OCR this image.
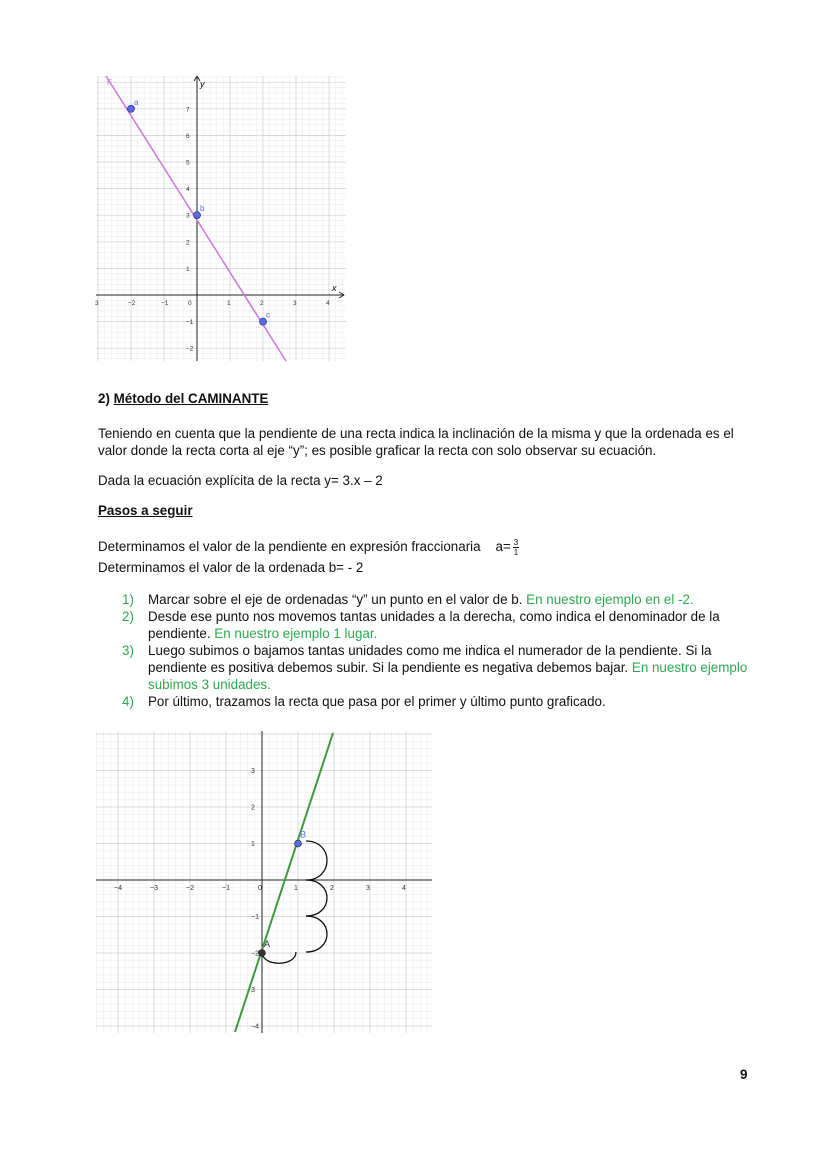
x
y
3	−2	−1	0	1	2	3	4
7
6
5
4
3
2
1
−1
−2
F
a
b
c

2) Método del CAMINANTE

Teniendo en cuenta que la pendiente de una recta indica la inclinación de la misma y que la ordenada es el valor donde la recta corta al eje “y”; es posible graficar la recta con solo observar su ecuación.

Dada la ecuación explícita de la recta y= 3.x – 2

Pasos a seguir

Determinamos el valor de la pendiente en expresión fraccionaria $a= \frac{3}{1}$

Determinamos el valor de la ordenada b= - 2

1) Marcar sobre el eje de ordenadas “y” un punto en el valor de b. En nuestro ejemplo en el -2.
2) Desde ese punto nos movemos tantas unidades a la derecha, como indica el denominador de la pendiente. En nuestro ejemplo 1 lugar.
3) Luego subimos o bajamos tantas unidades como me indica el numerador de la pendiente. Si la pendiente es positiva debemos subir. Si la pendiente es negativa debemos bajar. En nuestro ejemplo subimos 3 unidades.
4) Por último, trazamos la recta que pasa por el primer y último punto graficado.
−4	−3	−2	−1	0	1	2	3	4
3
2
1
−1
−2
3
−4
A
B
9
